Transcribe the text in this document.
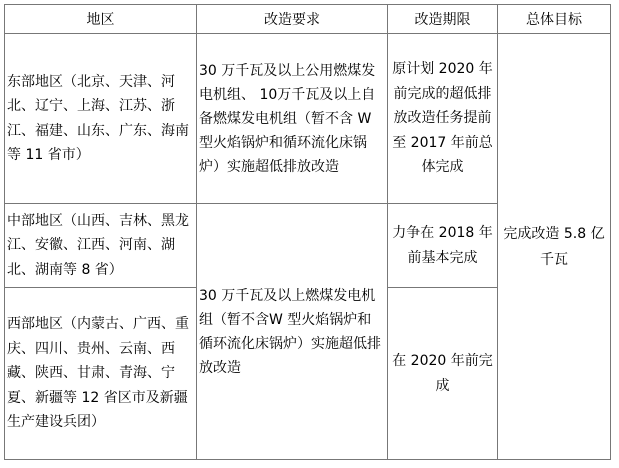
地区	改造要求	改造期限	总体目标
东部地区（北京、天津、河北、辽宁、上海、江苏、浙江、福建、山东、广东、海南等 11 省市）	30 万千瓦及以上公用燃煤发电机组、 10万千瓦及以上自备燃煤发电机组（暂不含 W 型火焰锅炉和循环流化床锅炉）实施超低排放改造	原计划 2020 年前完成的超低排放改造任务提前至 2017 年前总体完成	完成改造 5.8 亿千瓦
中部地区（山西、吉林、黑龙江、安徽、江西、河南、湖北、湖南等 8 省）	30 万千瓦及以上燃煤发电机组（暂不含W 型火焰锅炉和循环流化床锅炉）实施超低排放改造	力争在 2018 年前基本完成	
西部地区（内蒙古、广西、重庆、四川、贵州、云南、西藏、陕西、甘肃、青海、宁夏、新疆等 12 省区市及新疆生产建设兵团）		在 2020 年前完成	
